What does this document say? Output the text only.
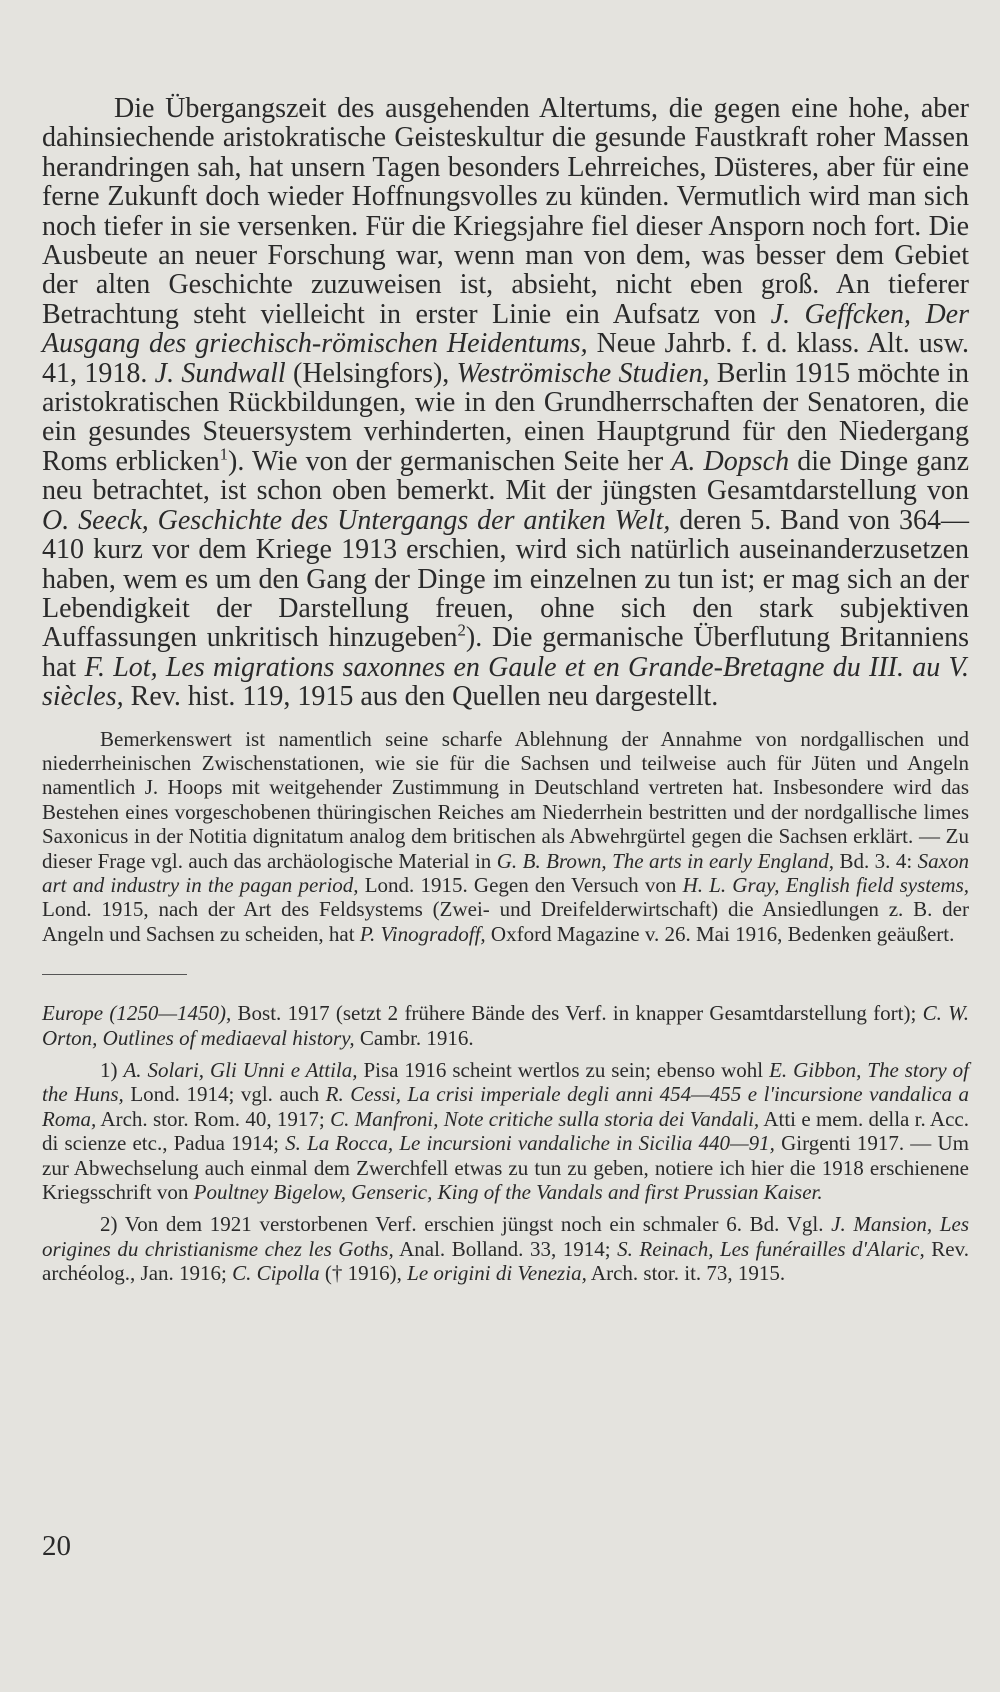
Die Übergangszeit des ausgehenden Altertums, die gegen eine hohe, aber dahinsiechende aristokratische Geisteskultur die gesunde Faustkraft roher Massen herandringen sah, hat unsern Tagen besonders Lehrreiches, Düsteres, aber für eine ferne Zukunft doch wieder Hoffnungsvolles zu künden. Vermutlich wird man sich noch tiefer in sie versenken. Für die Kriegsjahre fiel dieser Ansporn noch fort. Die Ausbeute an neuer Forschung war, wenn man von dem, was besser dem Gebiet der alten Geschichte zuzuweisen ist, absieht, nicht eben groß. An tieferer Betrachtung steht vielleicht in erster Linie ein Aufsatz von J. Geffcken, Der Ausgang des griechisch-römischen Heidentums, Neue Jahrb. f. d. klass. Alt. usw. 41, 1918. J. Sundwall (Helsingfors), Weströmische Studien, Berlin 1915 möchte in aristokratischen Rückbildungen, wie in den Grundherrschaften der Senatoren, die ein gesundes Steuersystem verhinderten, einen Hauptgrund für den Niedergang Roms erblicken$^1$). Wie von der germanischen Seite her A. Dopsch die Dinge ganz neu betrachtet, ist schon oben bemerkt. Mit der jüngsten Gesamtdarstellung von O. Seeck, Geschichte des Untergangs der antiken Welt, deren 5. Band von 364—410 kurz vor dem Kriege 1913 erschien, wird sich natürlich auseinanderzusetzen haben, wem es um den Gang der Dinge im einzelnen zu tun ist; er mag sich an der Lebendigkeit der Darstellung freuen, ohne sich den stark subjektiven Auffassungen unkritisch hinzugeben$^2$). Die germanische Überflutung Britanniens hat F. Lot, Les migrations saxonnes en Gaule et en Grande-Bretagne du III. au V. siècles, Rev. hist. 119, 1915 aus den Quellen neu dargestellt.

Bemerkenswert ist namentlich seine scharfe Ablehnung der Annahme von nordgallischen und niederrheinischen Zwischenstationen, wie sie für die Sachsen und teilweise auch für Jüten und Angeln namentlich J. Hoops mit weitgehender Zustimmung in Deutschland vertreten hat. Insbesondere wird das Bestehen eines vorgeschobenen thüringischen Reiches am Niederrhein bestritten und der nordgallische limes Saxonicus in der Notitia dignitatum analog dem britischen als Abwehrgürtel gegen die Sachsen erklärt. — Zu dieser Frage vgl. auch das archäologische Material in G. B. Brown, The arts in early England, Bd. 3. 4: Saxon art and industry in the pagan period, Lond. 1915. Gegen den Versuch von H. L. Gray, English field systems, Lond. 1915, nach der Art des Feldsystems (Zwei- und Dreifelderwirtschaft) die Ansiedlungen z. B. der Angeln und Sachsen zu scheiden, hat P. Vinogradoff, Oxford Magazine v. 26. Mai 1916, Bedenken geäußert.

Europe (1250—1450), Bost. 1917 (setzt 2 frühere Bände des Verf. in knapper Gesamtdarstellung fort); C. W. Orton, Outlines of mediaeval history, Cambr. 1916.

1) A. Solari, Gli Unni e Attila, Pisa 1916 scheint wertlos zu sein; ebenso wohl E. Gibbon, The story of the Huns, Lond. 1914; vgl. auch R. Cessi, La crisi imperiale degli anni 454—455 e l'incursione vandalica a Roma, Arch. stor. Rom. 40, 1917; C. Manfroni, Note critiche sulla storia dei Vandali, Atti e mem. della r. Acc. di scienze etc., Padua 1914; S. La Rocca, Le incursioni vandaliche in Sicilia 440—91, Girgenti 1917. — Um zur Abwechselung auch einmal dem Zwerchfell etwas zu tun zu geben, notiere ich hier die 1918 erschienene Kriegsschrift von Poultney Bigelow, Genseric, King of the Vandals and first Prussian Kaiser.

2) Von dem 1921 verstorbenen Verf. erschien jüngst noch ein schmaler 6. Bd. Vgl. J. Mansion, Les origines du christianisme chez les Goths, Anal. Bolland. 33, 1914; S. Reinach, Les funérailles d'Alaric, Rev. archéolog., Jan. 1916; C. Cipolla († 1916), Le origini di Venezia, Arch. stor. it. 73, 1915.

20
